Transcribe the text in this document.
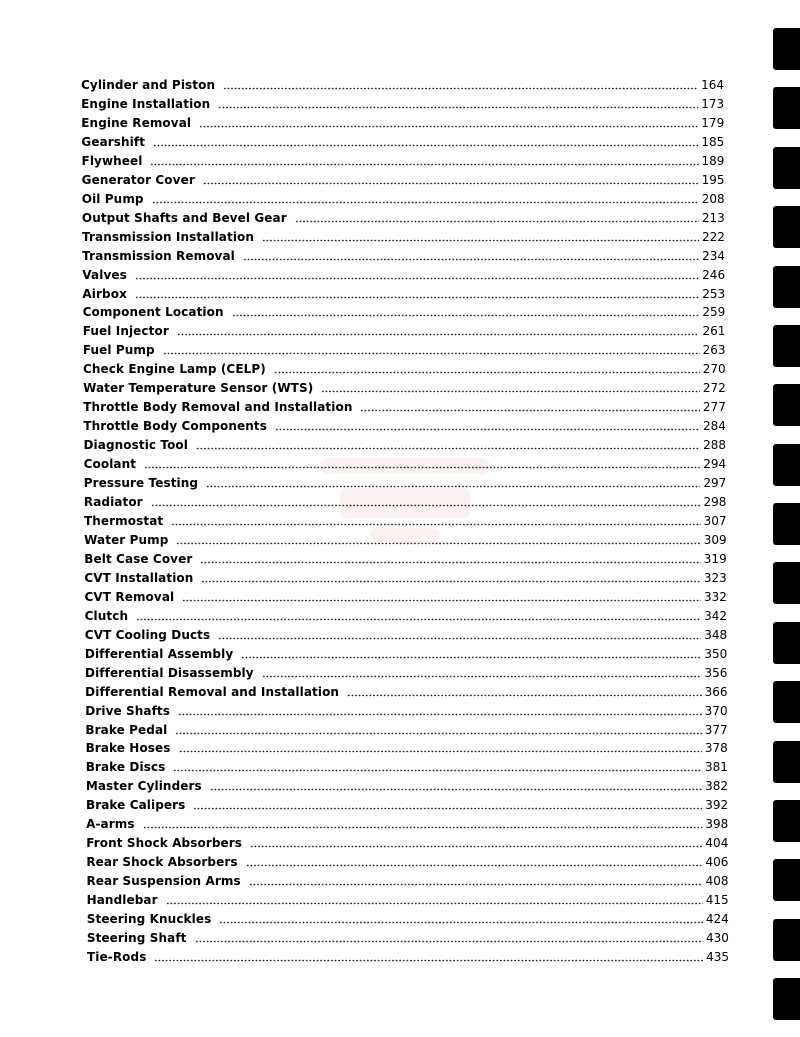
Cylinder and Piston	164
Engine Installation	173
Engine Removal	179
Gearshift	185
Flywheel	189
Generator Cover	195
Oil Pump	208
Output Shafts and Bevel Gear	213
Transmission Installation	222
Transmission Removal	234
Valves	246
Airbox	253
Component Location	259
Fuel Injector	261
Fuel Pump	263
Check Engine Lamp (CELP)	270
Water Temperature Sensor (WTS)	272
Throttle Body Removal and Installation	277
Throttle Body Components	284
Diagnostic Tool	288
Coolant	294
Pressure Testing	297
Radiator	298
Thermostat	307
Water Pump	309
Belt Case Cover	319
CVT Installation	323
CVT Removal	332
Clutch	342
CVT Cooling Ducts	348
Differential Assembly	350
Differential Disassembly	356
Differential Removal and Installation	366
Drive Shafts	370
Brake Pedal	377
Brake Hoses	378
Brake Discs	381
Master Cylinders	382
Brake Calipers	392
A-arms	398
Front Shock Absorbers	404
Rear Shock Absorbers	406
Rear Suspension Arms	408
Handlebar	415
Steering Knuckles	424
Steering Shaft	430
Tie-Rods	435
